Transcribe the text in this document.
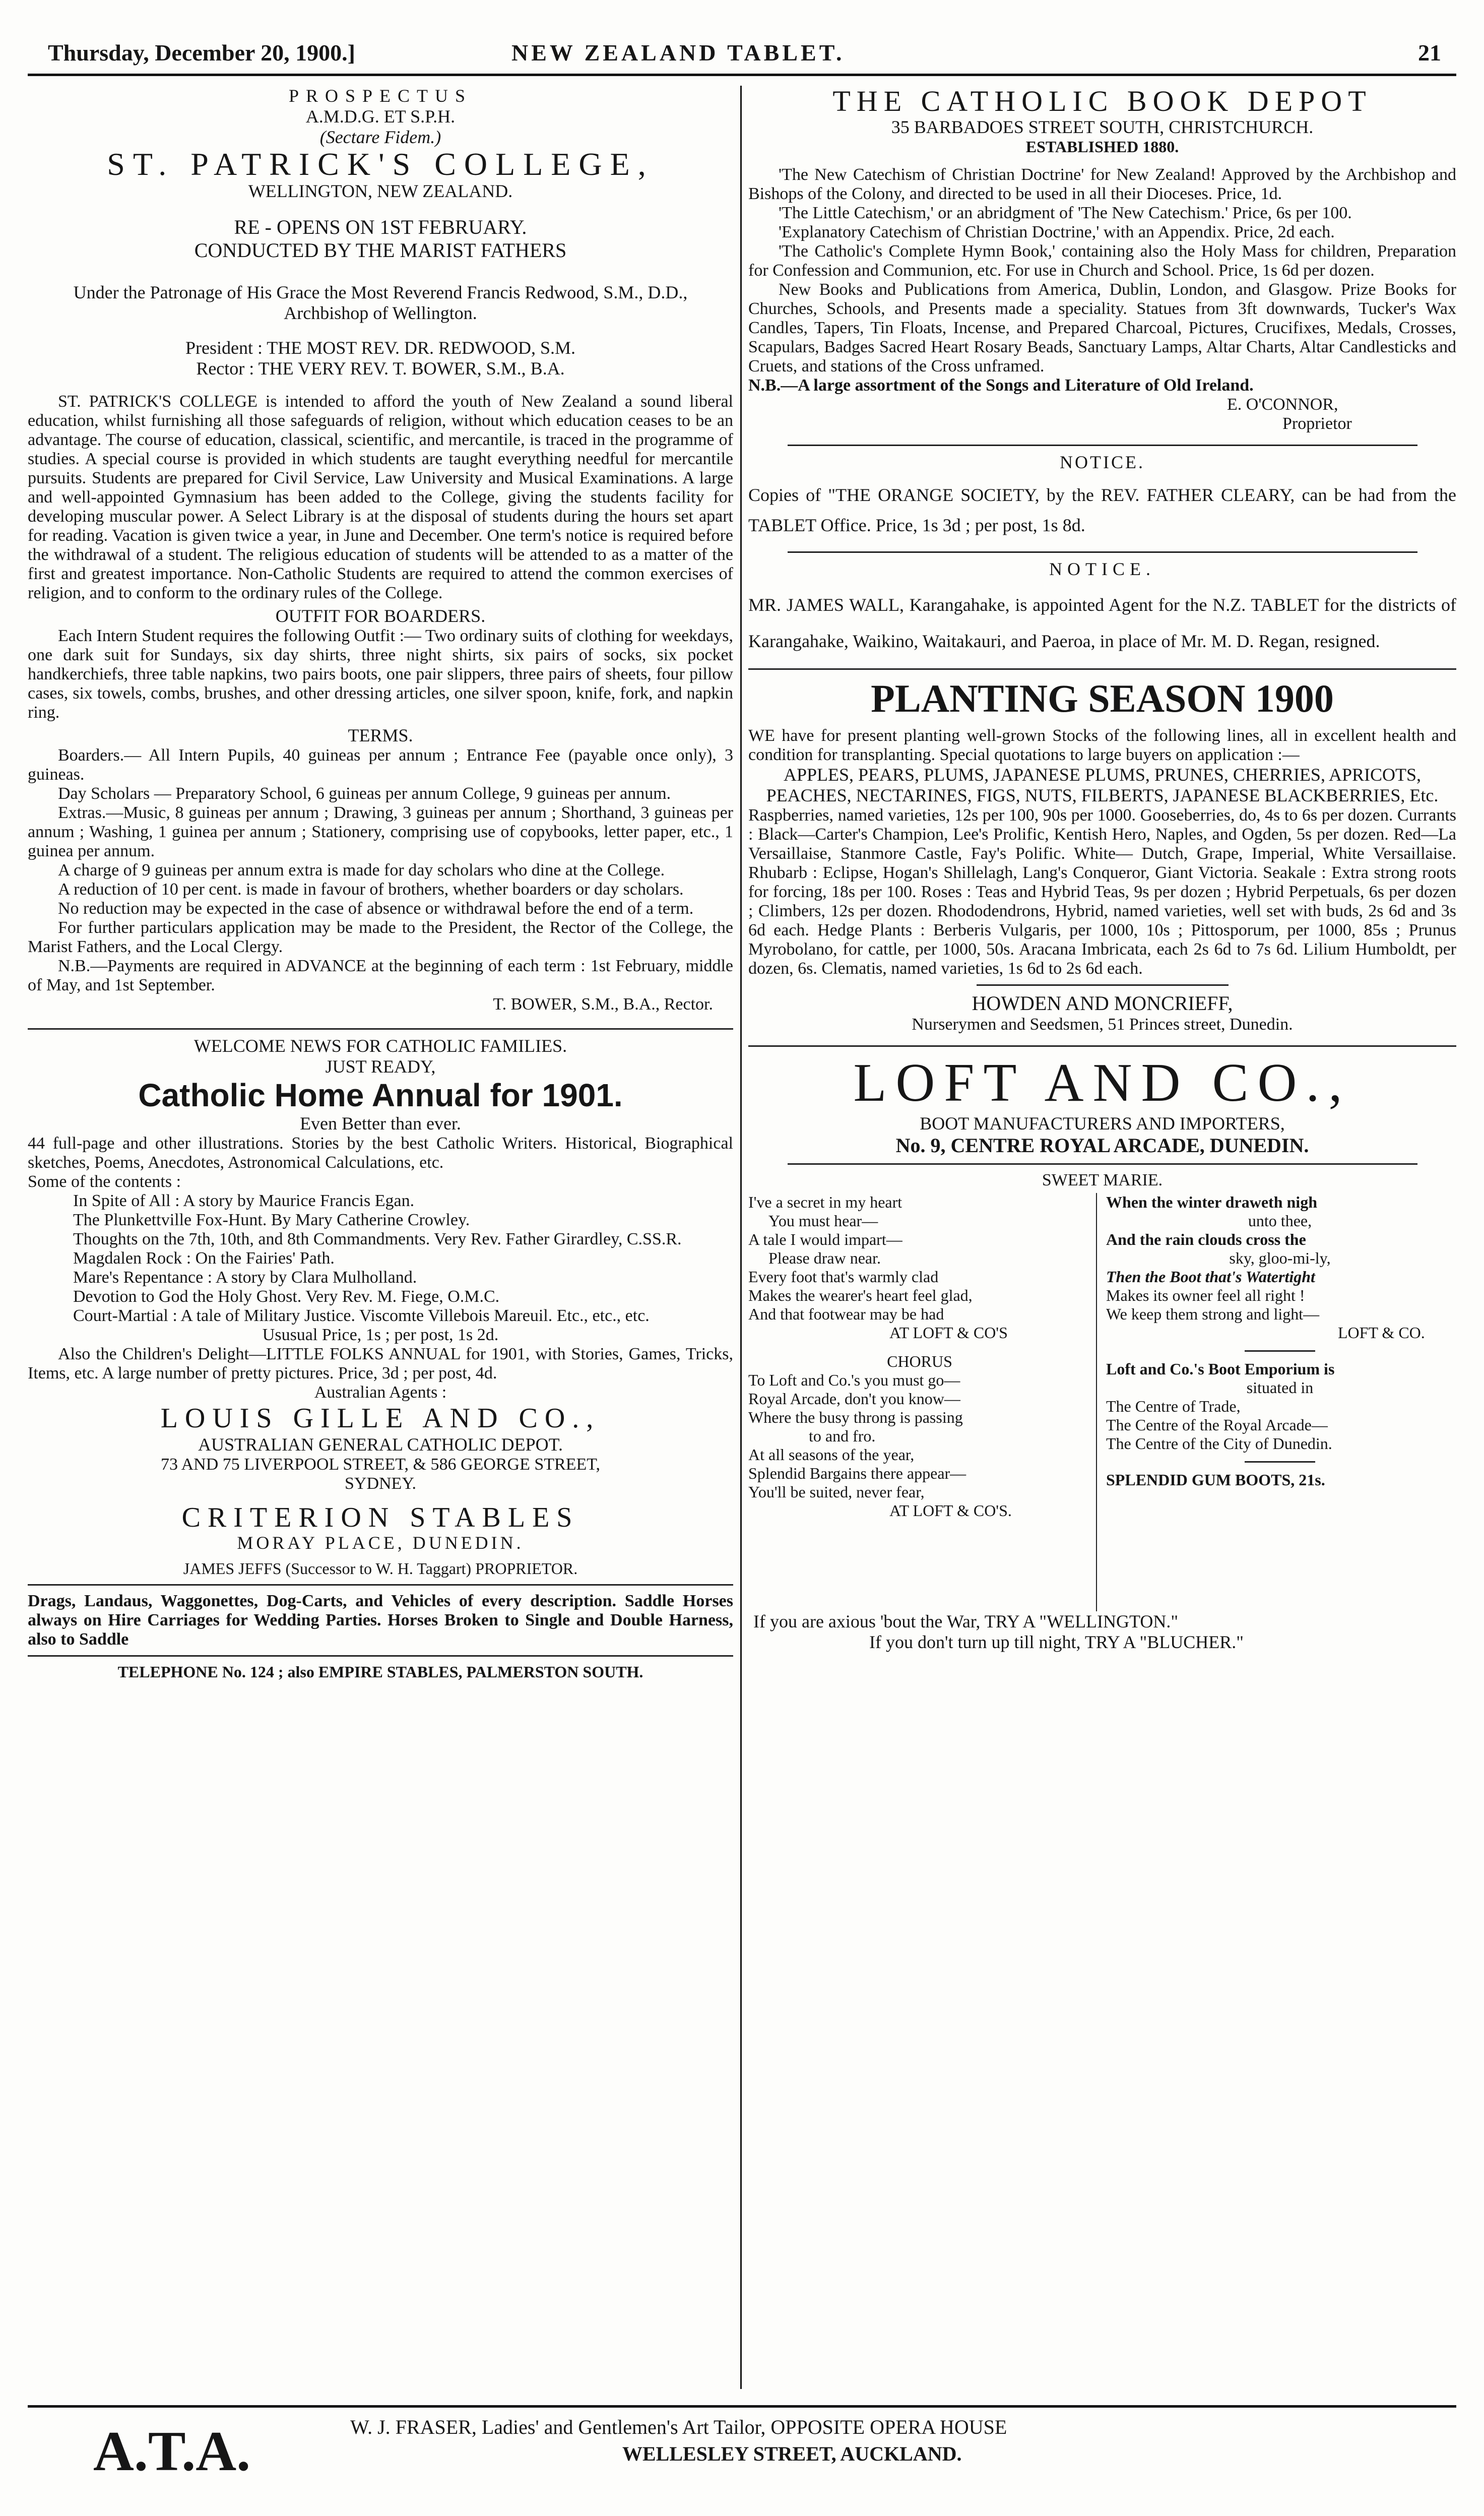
Thursday, December 20, 1900.]	NEW ZEALAND TABLET.	21

PROSPECTUS

A.M.D.G. ET S.P.H.

(Sectare Fidem.)

ST. PATRICK'S COLLEGE,

WELLINGTON, NEW ZEALAND.

RE - OPENS ON 1ST FEBRUARY.

CONDUCTED BY THE MARIST FATHERS

Under the Patronage of His Grace the Most Reverend Francis Redwood, S.M., D.D., Archbishop of Wellington.

President : THE MOST REV. DR. REDWOOD, S.M.

Rector : THE VERY REV. T. BOWER, S.M., B.A.

ST. PATRICK'S COLLEGE is intended to afford the youth of New Zealand a sound liberal education, whilst furnishing all those safeguards of religion, without which education ceases to be an advantage. The course of education, classical, scientific, and mercantile, is traced in the programme of studies. A special course is provided in which students are taught everything needful for mercantile pursuits. Students are prepared for Civil Service, Law University and Musical Examinations. A large and well-appointed Gymnasium has been added to the College, giving the students facility for developing muscular power. A Select Library is at the disposal of students during the hours set apart for reading. Vacation is given twice a year, in June and December. One term's notice is required before the withdrawal of a student. The religious education of students will be attended to as a matter of the first and greatest importance. Non-Catholic Students are required to attend the common exercises of religion, and to conform to the ordinary rules of the College.

OUTFIT FOR BOARDERS.

Each Intern Student requires the following Outfit :— Two ordinary suits of clothing for weekdays, one dark suit for Sundays, six day shirts, three night shirts, six pairs of socks, six pocket handkerchiefs, three table napkins, two pairs boots, one pair slippers, three pairs of sheets, four pillow cases, six towels, combs, brushes, and other dressing articles, one silver spoon, knife, fork, and napkin ring.

TERMS.

Boarders.— All Intern Pupils, 40 guineas per annum ; Entrance Fee (payable once only), 3 guineas.

Day Scholars — Preparatory School, 6 guineas per annum College, 9 guineas per annum.

Extras.—Music, 8 guineas per annum ; Drawing, 3 guineas per annum ; Shorthand, 3 guineas per annum ; Washing, 1 guinea per annum ; Stationery, comprising use of copybooks, letter paper, etc., 1 guinea per annum.

A charge of 9 guineas per annum extra is made for day scholars who dine at the College.

A reduction of 10 per cent. is made in favour of brothers, whether boarders or day scholars.

No reduction may be expected in the case of absence or withdrawal before the end of a term.

For further particulars application may be made to the President, the Rector of the College, the Marist Fathers, and the Local Clergy.

N.B.—Payments are required in ADVANCE at the beginning of each term : 1st February, middle of May, and 1st September.

T. BOWER, S.M., B.A., Rector.

WELCOME NEWS FOR CATHOLIC FAMILIES.

JUST READY,

Catholic Home Annual for 1901.

Even Better than ever.

44 full-page and other illustrations. Stories by the best Catholic Writers. Historical, Biographical sketches, Poems, Anecdotes, Astronomical Calculations, etc.

Some of the contents :

In Spite of All : A story by Maurice Francis Egan.

The Plunkettville Fox-Hunt. By Mary Catherine Crowley.

Thoughts on the 7th, 10th, and 8th Commandments. Very Rev. Father Girardley, C.SS.R.

Magdalen Rock : On the Fairies' Path.

Mare's Repentance : A story by Clara Mulholland.

Devotion to God the Holy Ghost. Very Rev. M. Fiege, O.M.C.

Court-Martial : A tale of Military Justice. Viscomte Villebois Mareuil. Etc., etc., etc.

Ususual Price, 1s ; per post, 1s 2d.

Also the Children's Delight—LITTLE FOLKS ANNUAL for 1901, with Stories, Games, Tricks, Items, etc. A large number of pretty pictures. Price, 3d ; per post, 4d.

Australian Agents :

LOUIS GILLE AND CO.,

AUSTRALIAN GENERAL CATHOLIC DEPOT.

73 AND 75 LIVERPOOL STREET, & 586 GEORGE STREET,

SYDNEY.

CRITERION STABLES

MORAY PLACE, DUNEDIN.

JAMES JEFFS (Successor to W. H. Taggart) PROPRIETOR.

Drags, Landaus, Waggonettes, Dog-Carts, and Vehicles of every description. Saddle Horses always on Hire Carriages for Wedding Parties. Horses Broken to Single and Double Harness, also to Saddle

TELEPHONE No. 124 ; also EMPIRE STABLES, PALMERSTON SOUTH.

THE CATHOLIC BOOK DEPOT

35 BARBADOES STREET SOUTH, CHRISTCHURCH.

ESTABLISHED 1880.

'The New Catechism of Christian Doctrine' for New Zealand! Approved by the Archbishop and Bishops of the Colony, and directed to be used in all their Dioceses. Price, 1d.

'The Little Catechism,' or an abridgment of 'The New Catechism.' Price, 6s per 100.

'Explanatory Catechism of Christian Doctrine,' with an Appendix. Price, 2d each.

'The Catholic's Complete Hymn Book,' containing also the Holy Mass for children, Preparation for Confession and Communion, etc. For use in Church and School. Price, 1s 6d per dozen.

New Books and Publications from America, Dublin, London, and Glasgow. Prize Books for Churches, Schools, and Presents made a speciality. Statues from 3ft downwards, Tucker's Wax Candles, Tapers, Tin Floats, Incense, and Prepared Charcoal, Pictures, Crucifixes, Medals, Crosses, Scapulars, Badges Sacred Heart Rosary Beads, Sanctuary Lamps, Altar Charts, Altar Candlesticks and Cruets, and stations of the Cross unframed.

N.B.—A large assortment of the Songs and Literature of Old Ireland.

E. O'CONNOR,

Proprietor

NOTICE.

Copies of "THE ORANGE SOCIETY, by the REV. FATHER CLEARY, can be had from the TABLET Office. Price, 1s 3d ; per post, 1s 8d.

NOTICE.

MR. JAMES WALL, Karangahake, is appointed Agent for the N.Z. TABLET for the districts of Karangahake, Waikino, Waitakauri, and Paeroa, in place of Mr. M. D. Regan, resigned.

PLANTING SEASON 1900

WE have for present planting well-grown Stocks of the following lines, all in excellent health and condition for transplanting. Special quotations to large buyers on application :—

APPLES, PEARS, PLUMS, JAPANESE PLUMS, PRUNES, CHERRIES, APRICOTS, PEACHES, NECTARINES, FIGS, NUTS, FILBERTS, JAPANESE BLACKBERRIES, Etc.

Raspberries, named varieties, 12s per 100, 90s per 1000. Gooseberries, do, 4s to 6s per dozen. Currants : Black—Carter's Champion, Lee's Prolific, Kentish Hero, Naples, and Ogden, 5s per dozen. Red—La Versaillaise, Stanmore Castle, Fay's Polific. White— Dutch, Grape, Imperial, White Versaillaise. Rhubarb : Eclipse, Hogan's Shillelagh, Lang's Conqueror, Giant Victoria. Seakale : Extra strong roots for forcing, 18s per 100. Roses : Teas and Hybrid Teas, 9s per dozen ; Hybrid Perpetuals, 6s per dozen ; Climbers, 12s per dozen. Rhododendrons, Hybrid, named varieties, well set with buds, 2s 6d and 3s 6d each. Hedge Plants : Berberis Vulgaris, per 1000, 10s ; Pittosporum, per 1000, 85s ; Prunus Myrobolano, for cattle, per 1000, 50s. Aracana Imbricata, each 2s 6d to 7s 6d. Lilium Humboldt, per dozen, 6s. Clematis, named varieties, 1s 6d to 2s 6d each.

HOWDEN AND MONCRIEFF,

Nurserymen and Seedsmen, 51 Princes street, Dunedin.

LOFT AND CO.,

BOOT MANUFACTURERS AND IMPORTERS,

No. 9, CENTRE ROYAL ARCADE, DUNEDIN.

SWEET MARIE.

I've a secret in my heart

You must hear—

A tale I would impart—

Please draw near.

Every foot that's warmly clad

Makes the wearer's heart feel glad,

And that footwear may be had

AT LOFT & CO'S

CHORUS

To Loft and Co.'s you must go—

Royal Arcade, don't you know—

Where the busy throng is passing

to and fro.

At all seasons of the year,

Splendid Bargains there appear—

You'll be suited, never fear,

AT LOFT & CO'S.

When the winter draweth nigh

unto thee,

And the rain clouds cross the

sky, gloo-mi-ly,

Then the Boot that's Watertight

Makes its owner feel all right !

We keep them strong and light—

LOFT & CO.

Loft and Co.'s Boot Emporium is

situated in

The Centre of Trade,

The Centre of the Royal Arcade—

The Centre of the City of Dunedin.

SPLENDID GUM BOOTS, 21s.

If you are axious 'bout the War, TRY A "WELLINGTON."

If you don't turn up till night, TRY A "BLUCHER."

A.T.A.	W. J. FRASER, Ladies' and Gentlemen's Art Tailor, OPPOSITE OPERA HOUSE
WELLESLEY STREET, AUCKLAND.
